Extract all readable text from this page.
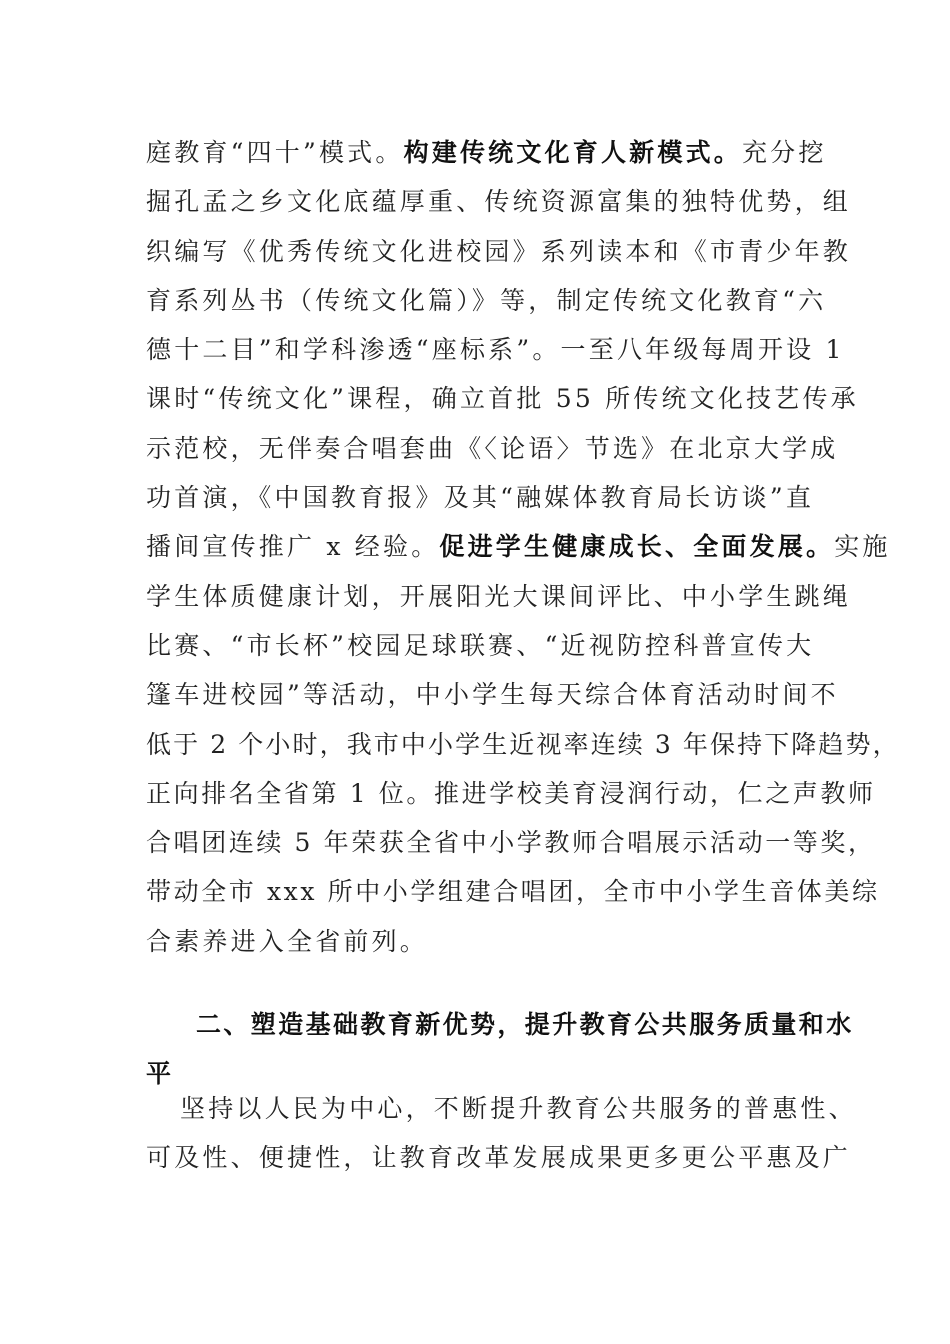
庭教育“四十”模式。构建传统文化育人新模式。充分挖
掘孔孟之乡文化底蕴厚重、传统资源富集的独特优势，组
织编写《优秀传统文化进校园》系列读本和《市青少年教
育系列丛书（传统文化篇）》等，制定传统文化教育“六
德十二目”和学科渗透“座标系”。一至八年级每周开设 1
课时“传统文化”课程，确立首批 55 所传统文化技艺传承
示范校，无伴奏合唱套曲《〈论语〉节选》在北京大学成
功首演，《中国教育报》及其“融媒体教育局长访谈”直
播间宣传推广 x 经验。促进学生健康成长、全面发展。实施
学生体质健康计划，开展阳光大课间评比、中小学生跳绳
比赛、“市长杯”校园足球联赛、“近视防控科普宣传大
篷车进校园”等活动，中小学生每天综合体育活动时间不
低于 2 个小时，我市中小学生近视率连续 3 年保持下降趋势，
正向排名全省第 1 位。推进学校美育浸润行动，仁之声教师
合唱团连续 5 年荣获全省中小学教师合唱展示活动一等奖，
带动全市 xxx 所中小学组建合唱团，全市中小学生音体美综
合素养进入全省前列。
二、塑造基础教育新优势，提升教育公共服务质量和水
平
坚持以人民为中心，不断提升教育公共服务的普惠性、
可及性、便捷性，让教育改革发展成果更多更公平惠及广
